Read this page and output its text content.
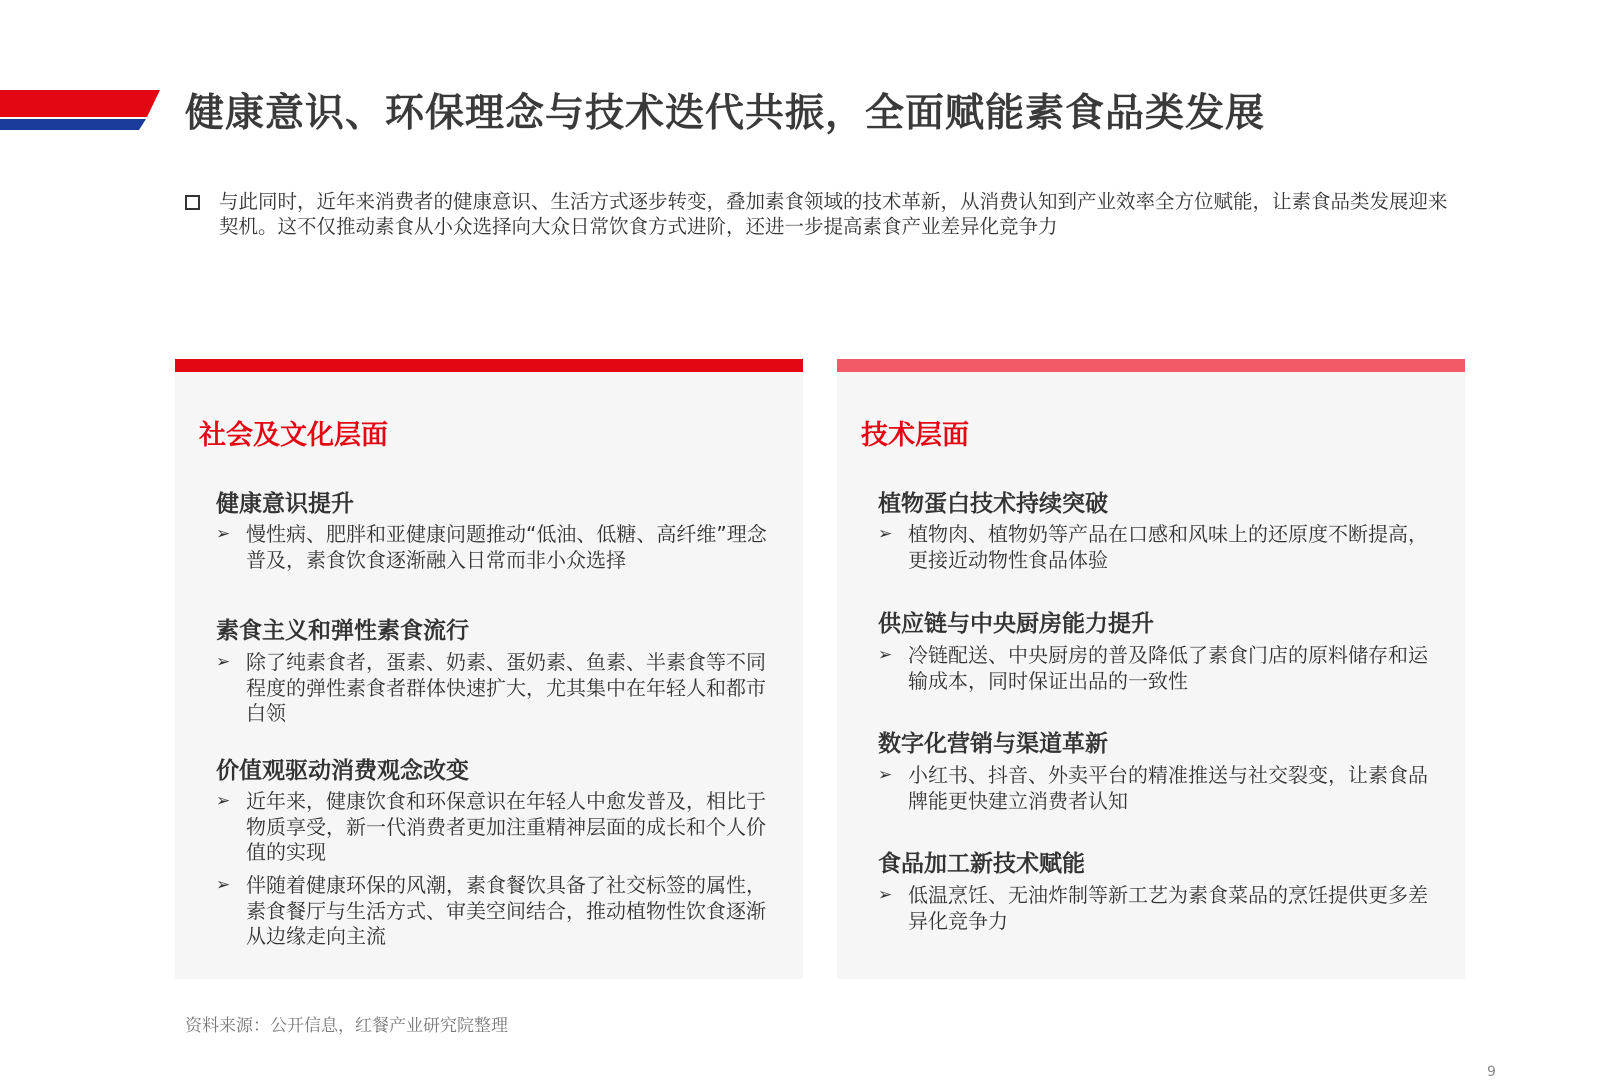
健康意识、环保理念与技术迭代共振，全面赋能素食品类发展
与此同时，近年来消费者的健康意识、生活方式逐步转变，叠加素食领域的技术革新，从消费认知到产业效率全方位赋能，让素食品类发展迎来契机。这不仅推动素食从小众选择向大众日常饮食方式进阶，还进一步提高素食产业差异化竞争力
社会及文化层面
健康意识提升
➢ 慢性病、肥胖和亚健康问题推动“低油、低糖、高纤维”理念普及，素食饮食逐渐融入日常而非小众选择
素食主义和弹性素食流行
➢ 除了纯素食者，蛋素、奶素、蛋奶素、鱼素、半素食等不同程度的弹性素食者群体快速扩大，尤其集中在年轻人和都市白领
价值观驱动消费观念改变
➢ 近年来，健康饮食和环保意识在年轻人中愈发普及，相比于物质享受，新一代消费者更加注重精神层面的成长和个人价值的实现
➢ 伴随着健康环保的风潮，素食餐饮具备了社交标签的属性，素食餐厅与生活方式、审美空间结合，推动植物性饮食逐渐从边缘走向主流
技术层面
植物蛋白技术持续突破
➢ 植物肉、植物奶等产品在口感和风味上的还原度不断提高，更接近动物性食品体验
供应链与中央厨房能力提升
➢ 冷链配送、中央厨房的普及降低了素食门店的原料储存和运输成本，同时保证出品的一致性
数字化营销与渠道革新
➢ 小红书、抖音、外卖平台的精准推送与社交裂变，让素食品牌能更快建立消费者认知
食品加工新技术赋能
➢ 低温烹饪、无油炸制等新工艺为素食菜品的烹饪提供更多差异化竞争力
资料来源：公开信息，红餐产业研究院整理
9
